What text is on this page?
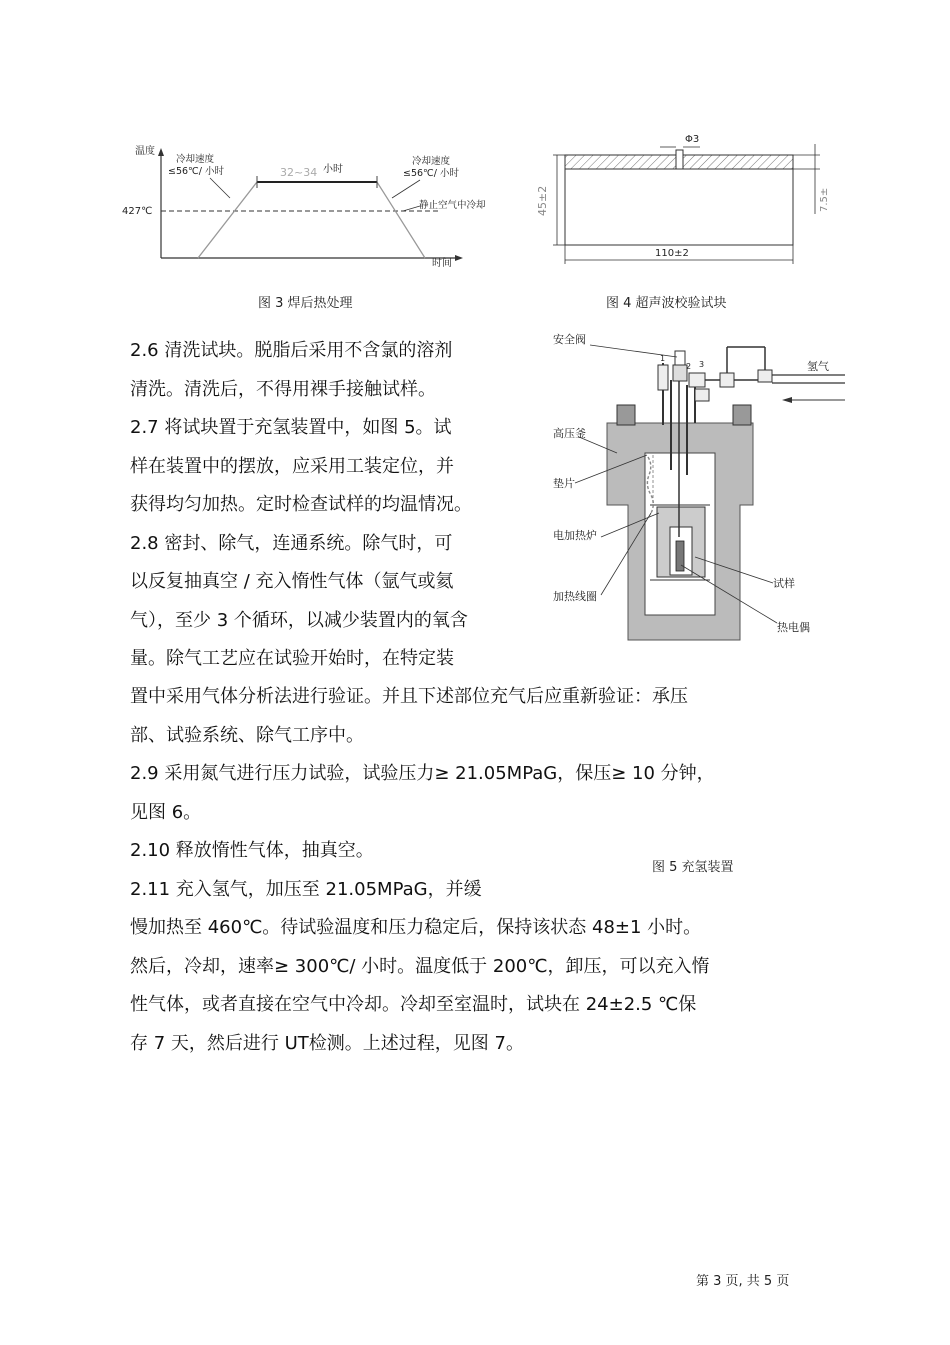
温度
时间
427℃
冷却速度
≤56℃/ 小时	32~34 小时
冷却速度
≤56℃/ 小时
静止空气中冷却
图 3 焊后热处理
Φ3
45±2	7.5±
110±2
图 4 超声波校验试块
安全阀
氢气
高压釜
垫片
电加热炉
加热线圈
试样
热电偶
1
2 3
2.6 清洗试块。脱脂后采用不含氯的溶剂
清洗。清洗后，不得用裸手接触试样。
2.7 将试块置于充氢装置中，如图 5。试
样在装置中的摆放，应采用工装定位，并
获得均匀加热。定时检查试样的均温情况。
2.8 密封、除气，连通系统。除气时，可
以反复抽真空 / 充入惰性气体（氩气或氦
气），至少 3 个循环，以减少装置内的氧含
量。除气工艺应在试验开始时，在特定装
图 5 充氢装置
置中采用气体分析法进行验证。并且下述部位充气后应重新验证：承压
部、试验系统、除气工序中。
2.9 采用氮气进行压力试验，试验压力≥ 21.05MPaG，保压≥ 10 分钟，
见图 6。
2.10 释放惰性气体，抽真空。
2.11 充入氢气，加压至 21.05MPaG，并缓
慢加热至 460℃。待试验温度和压力稳定后，保持该状态 48±1 小时。
然后，冷却，速率≥ 300℃/ 小时。温度低于 200℃，卸压，可以充入惰
性气体，或者直接在空气中冷却。冷却至室温时，试块在 24±2.5 ℃保
存 7 天，然后进行 UT检测。上述过程，见图 7。
第 3 页, 共 5 页
